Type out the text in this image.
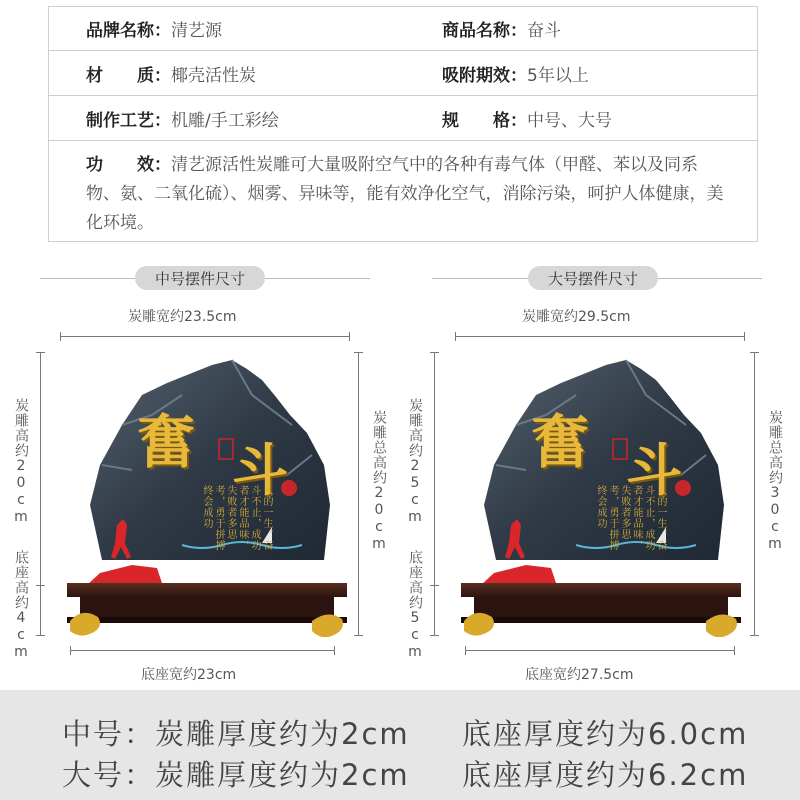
品牌名称： 清艺源	商品名称： 奋斗
材　　质： 椰壳活性炭	吸附期效： 5年以上
制作工艺： 机雕/手工彩绘	规　　格： 中号、大号
功　　效：清艺源活性炭雕可大量吸附空气中的各种有毒气体（甲醛、苯以及同系物、氨、二氧化硫）、烟雾、异味等，能有效净化空气，消除污染，呵护人体健康，美化环境。
中号摆件尺寸
炭雕宽约23.5cm
炭雕高约20cm
底座高约4cm
炭雕总高约20cm
底座宽约23cm
奮 斗
人的一生，奋斗不止，成功者才能品味，失败者多思考，勇于拼搏终会成功
大号摆件尺寸
炭雕宽约29.5cm
炭雕高约25cm
底座高约5cm
炭雕总高约30cm
底座宽约27.5cm
奮 斗
人的一生，奋斗不止，成功者才能品味，失败者多思考，勇于拼搏终会成功
中号：炭雕厚度约为2cm 底座厚度约为6.0cm
大号：炭雕厚度约为2cm 底座厚度约为6.2cm
